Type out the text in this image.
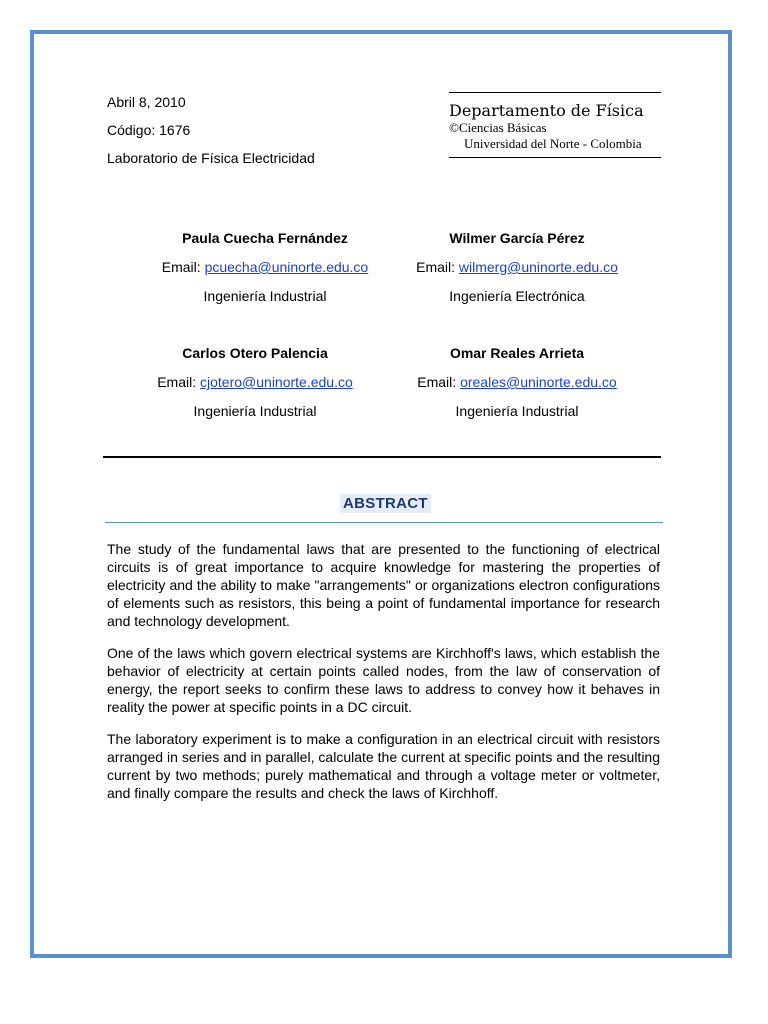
Abril 8, 2010
Código: 1676
Laboratorio de Física Electricidad
Departamento de Física
©Ciencias Básicas
Universidad del Norte - Colombia
Paula Cuecha Fernández
Email: pcuecha@uninorte.edu.co
Ingeniería Industrial
Wilmer García Pérez
Email: wilmerg@uninorte.edu.co
Ingeniería Electrónica
Carlos Otero Palencia
Email: cjotero@uninorte.edu.co
Ingeniería Industrial
Omar Reales Arrieta
Email: oreales@uninorte.edu.co
Ingeniería Industrial
ABSTRACT

The study of the fundamental laws that are presented to the functioning of electrical circuits is of great importance to acquire knowledge for mastering the properties of electricity and the ability to make "arrangements" or organizations electron configurations of elements such as resistors, this being a point of fundamental importance for research and technology development.

One of the laws which govern electrical systems are Kirchhoff's laws, which establish the behavior of electricity at certain points called nodes, from the law of conservation of energy, the report seeks to confirm these laws to address to convey how it behaves in reality the power at specific points in a DC circuit.

The laboratory experiment is to make a configuration in an electrical circuit with resistors arranged in series and in parallel, calculate the current at specific points and the resulting current by two methods; purely mathematical and through a voltage meter or voltmeter, and finally compare the results and check the laws of Kirchhoff.
